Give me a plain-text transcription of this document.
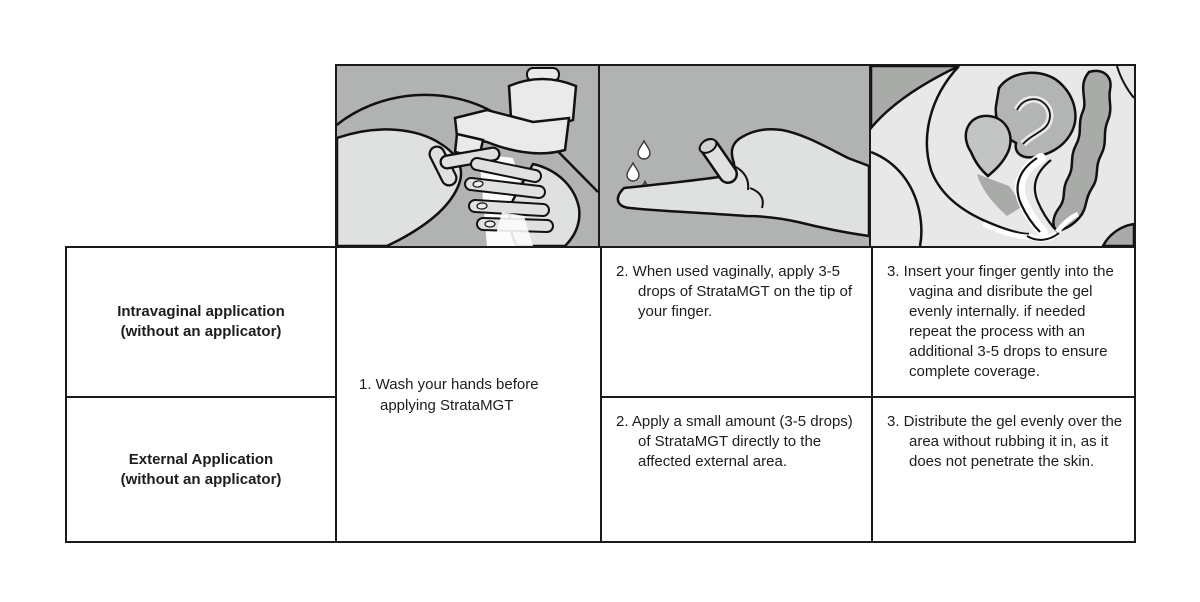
Intravaginal application
(without an applicator)
External Application
(without an applicator)

1. Wash your hands before applying StrataMGT

2. When used vaginally, apply 3-5 drops of StrataMGT on the tip of your finger.

3. Insert your finger gently into the vagina and disribute the gel evenly internally. if needed repeat the process with an additional 3-5 drops to ensure complete coverage.

2. Apply a small amount (3-5 drops) of StrataMGT directly to the affected external area.

3. Distribute the gel evenly over the area without rubbing it in, as it does not penetrate the skin.
